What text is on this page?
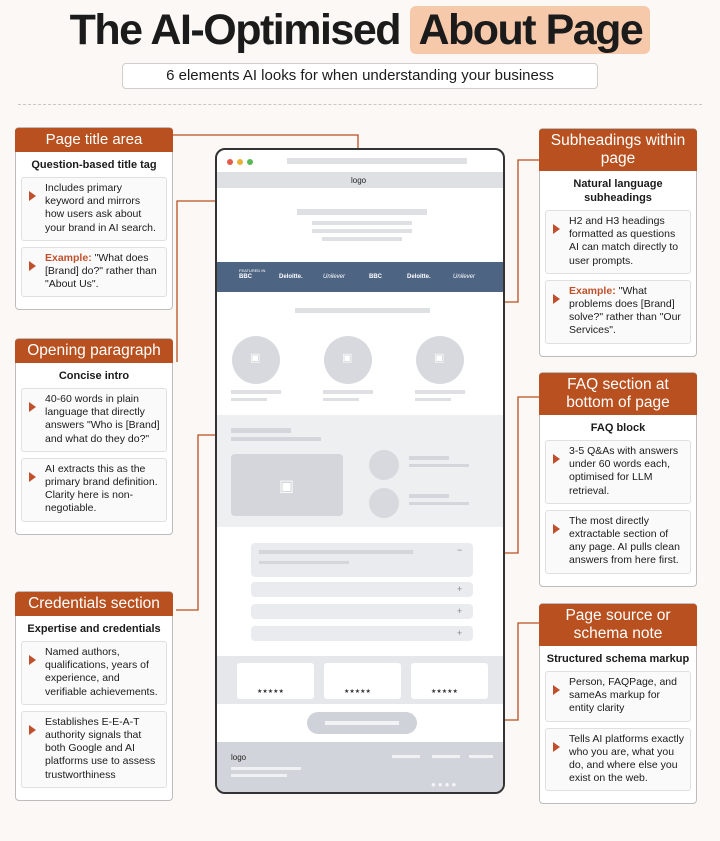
The AI-Optimised About Page
6 elements AI looks for when understanding your business
Page title area
Question-based title tag
Includes primary keyword and mirrors how users ask about your brand in AI search.
Example: "What does [Brand] do?" rather than "About Us".
Opening paragraph
Concise intro
40-60 words in plain language that directly answers "Who is [Brand] and what do they do?"
AI extracts this as the primary brand definition. Clarity here is non-negotiable.
Credentials section
Expertise and credentials
Named authors, qualifications, years of experience, and verifiable achievements.
Establishes E-E-A-T authority signals that both Google and AI platforms use to assess trustworthiness
Subheadings within page
Natural language subheadings
H2 and H3 headings formatted as questions AI can match directly to user prompts.
Example: "What problems does [Brand] solve?" rather than "Our Services".
FAQ section at bottom of page
FAQ block
3-5 Q&As with answers under 60 words each, optimised for LLM retrieval.
The most directly extractable section of any page. AI pulls clean answers from here first.
Page source or schema note
Structured schema markup
Person, FAQPage, and sameAs markup for entity clarity
Tells AI platforms exactly who you are, what you do, and where else you exist on the web.
logo
FEATURED IN
BBC	Deloitte.	Unilever	BBC	Deloitte.	Unilever
▣	▣	▣
▣
−
+
+
+
★★★★★	★★★★★	★★★★★
logo
●●●●
